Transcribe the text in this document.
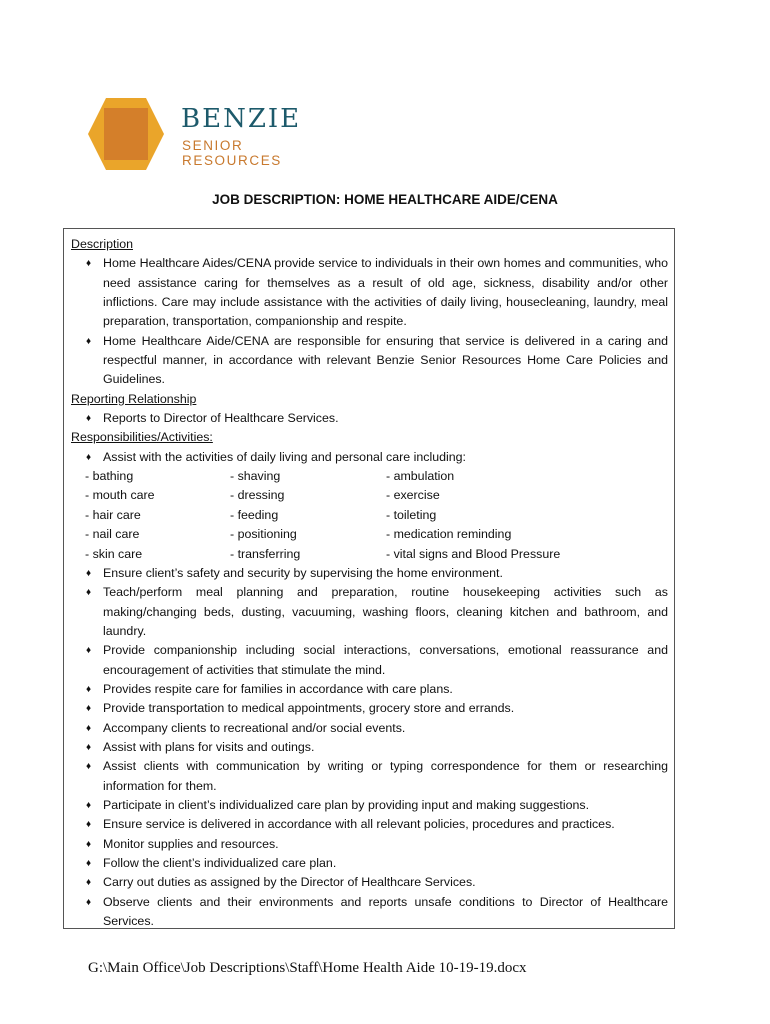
BENZIE
SENIOR RESOURCES
JOB DESCRIPTION: HOME HEALTHCARE AIDE/CENA
Description
♦ Home Healthcare Aides/CENA provide service to individuals in their own homes and communities, who need assistance caring for themselves as a result of old age, sickness, disability and/or other inflictions. Care may include assistance with the activities of daily living, housecleaning, laundry, meal preparation, transportation, companionship and respite.
♦ Home Healthcare Aide/CENA are responsible for ensuring that service is delivered in a caring and respectful manner, in accordance with relevant Benzie Senior Resources Home Care Policies and Guidelines.
Reporting Relationship
♦ Reports to Director of Healthcare Services.
Responsibilities/Activities:
♦ Assist with the activities of daily living and personal care including:
- bathing	- shaving	- ambulation
- mouth care	- dressing	- exercise
- hair care	- feeding	- toileting
- nail care	- positioning	- medication reminding
- skin care	- transferring	- vital signs and Blood Pressure
♦ Ensure client’s safety and security by supervising the home environment.
♦ Teach/perform meal planning and preparation, routine housekeeping activities such as making/changing beds, dusting, vacuuming, washing floors, cleaning kitchen and bathroom, and laundry.
♦ Provide companionship including social interactions, conversations, emotional reassurance and encouragement of activities that stimulate the mind.
♦ Provides respite care for families in accordance with care plans.
♦ Provide transportation to medical appointments, grocery store and errands.
♦ Accompany clients to recreational and/or social events.
♦ Assist with plans for visits and outings.
♦ Assist clients with communication by writing or typing correspondence for them or researching information for them.
♦ Participate in client’s individualized care plan by providing input and making suggestions.
♦ Ensure service is delivered in accordance with all relevant policies, procedures and practices.
♦ Monitor supplies and resources.
♦ Follow the client’s individualized care plan.
♦ Carry out duties as assigned by the Director of Healthcare Services.
♦ Observe clients and their environments and reports unsafe conditions to Director of Healthcare Services.
G:\Main Office\Job Descriptions\Staff\Home Health Aide 10-19-19.docx
